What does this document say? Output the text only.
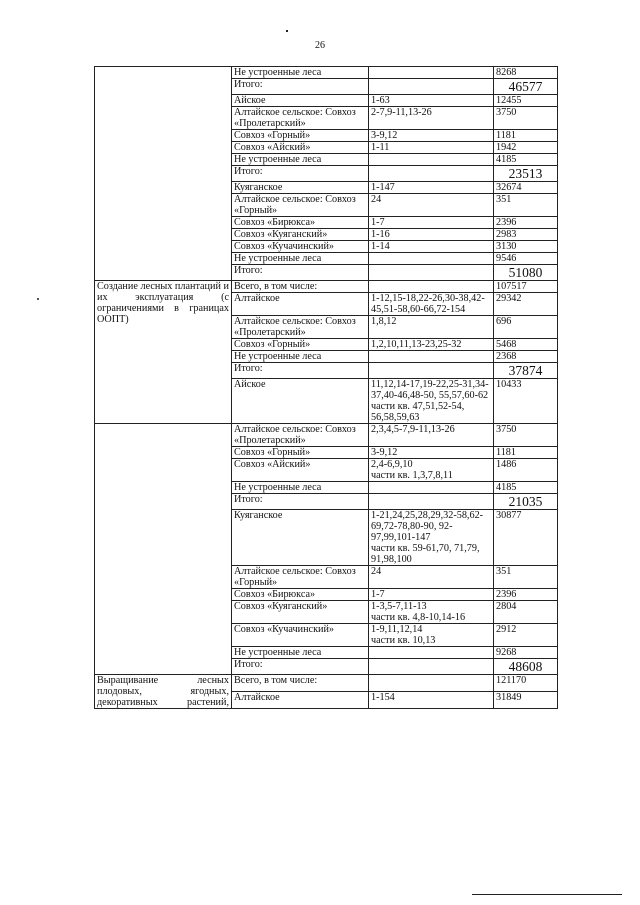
26
	Не устроенные леса		8268
	Итого:		46577

	Айское	1-63	12455
	Алтайское сельское: Совхоз «Пролетарский»	2-7,9-11,13-26	3750
	Совхоз «Горный»	3-9,12	1181
	Совхоз «Айский»	1-11	1942
	Не устроенные леса		4185
	Итого:		23513

	Куяганское	1-147	32674
	Алтайское сельское: Совхоз «Горный»	24	351
	Совхоз «Бирюкса»	1-7	2396
	Совхоз «Куяганский»	1-16	2983
	Совхоз «Кучачинский»	1-14	3130
	Не устроенные леса		9546
	Итого:		51080

Создание лесных плантаций и их эксплуатация (с ограничениями в границах ООПТ)	Всего, в том числе:		107517
	Алтайское	1-12,15-18,22-26,30-38,42-45,51-58,60-66,72-154	29342
	Алтайское сельское: Совхоз «Пролетарский»	1,8,12	696
	Совхоз «Горный»	1,2,10,11,13-23,25-32	5468
	Не устроенные леса		2368
	Итого:		37874

	Айское	11,12,14-17,19-22,25-31,34-37,40-46,48-50, 55,57,60-62
части кв. 47,51,52-54, 56,58,59,63	10433
	Алтайское сельское: Совхоз «Пролетарский»	2,3,4,5-7,9-11,13-26	3750
	Совхоз «Горный»	3-9,12	1181
	Совхоз «Айский»	2,4-6,9,10
части кв. 1,3,7,8,11	1486
	Не устроенные леса		4185
	Итого:		21035

	Куяганское	1-21,24,25,28,29,32-58,62-69,72-78,80-90, 92-97,99,101-147
части кв. 59-61,70, 71,79, 91,98,100	30877
	Алтайское сельское: Совхоз «Горный»	24	351
	Совхоз «Бирюкса»	1-7	2396
	Совхоз «Куяганский»	1-3,5-7,11-13
части кв. 4,8-10,14-16	2804
	Совхоз «Кучачинский»	1-9,11,12,14
части кв. 10,13	2912
	Не устроенные леса		9268
	Итого:		48608

Выращивание лесных плодовых, ягодных, декоративных растений,	Всего, в том числе:		121170
	Алтайское	1-154	31849
